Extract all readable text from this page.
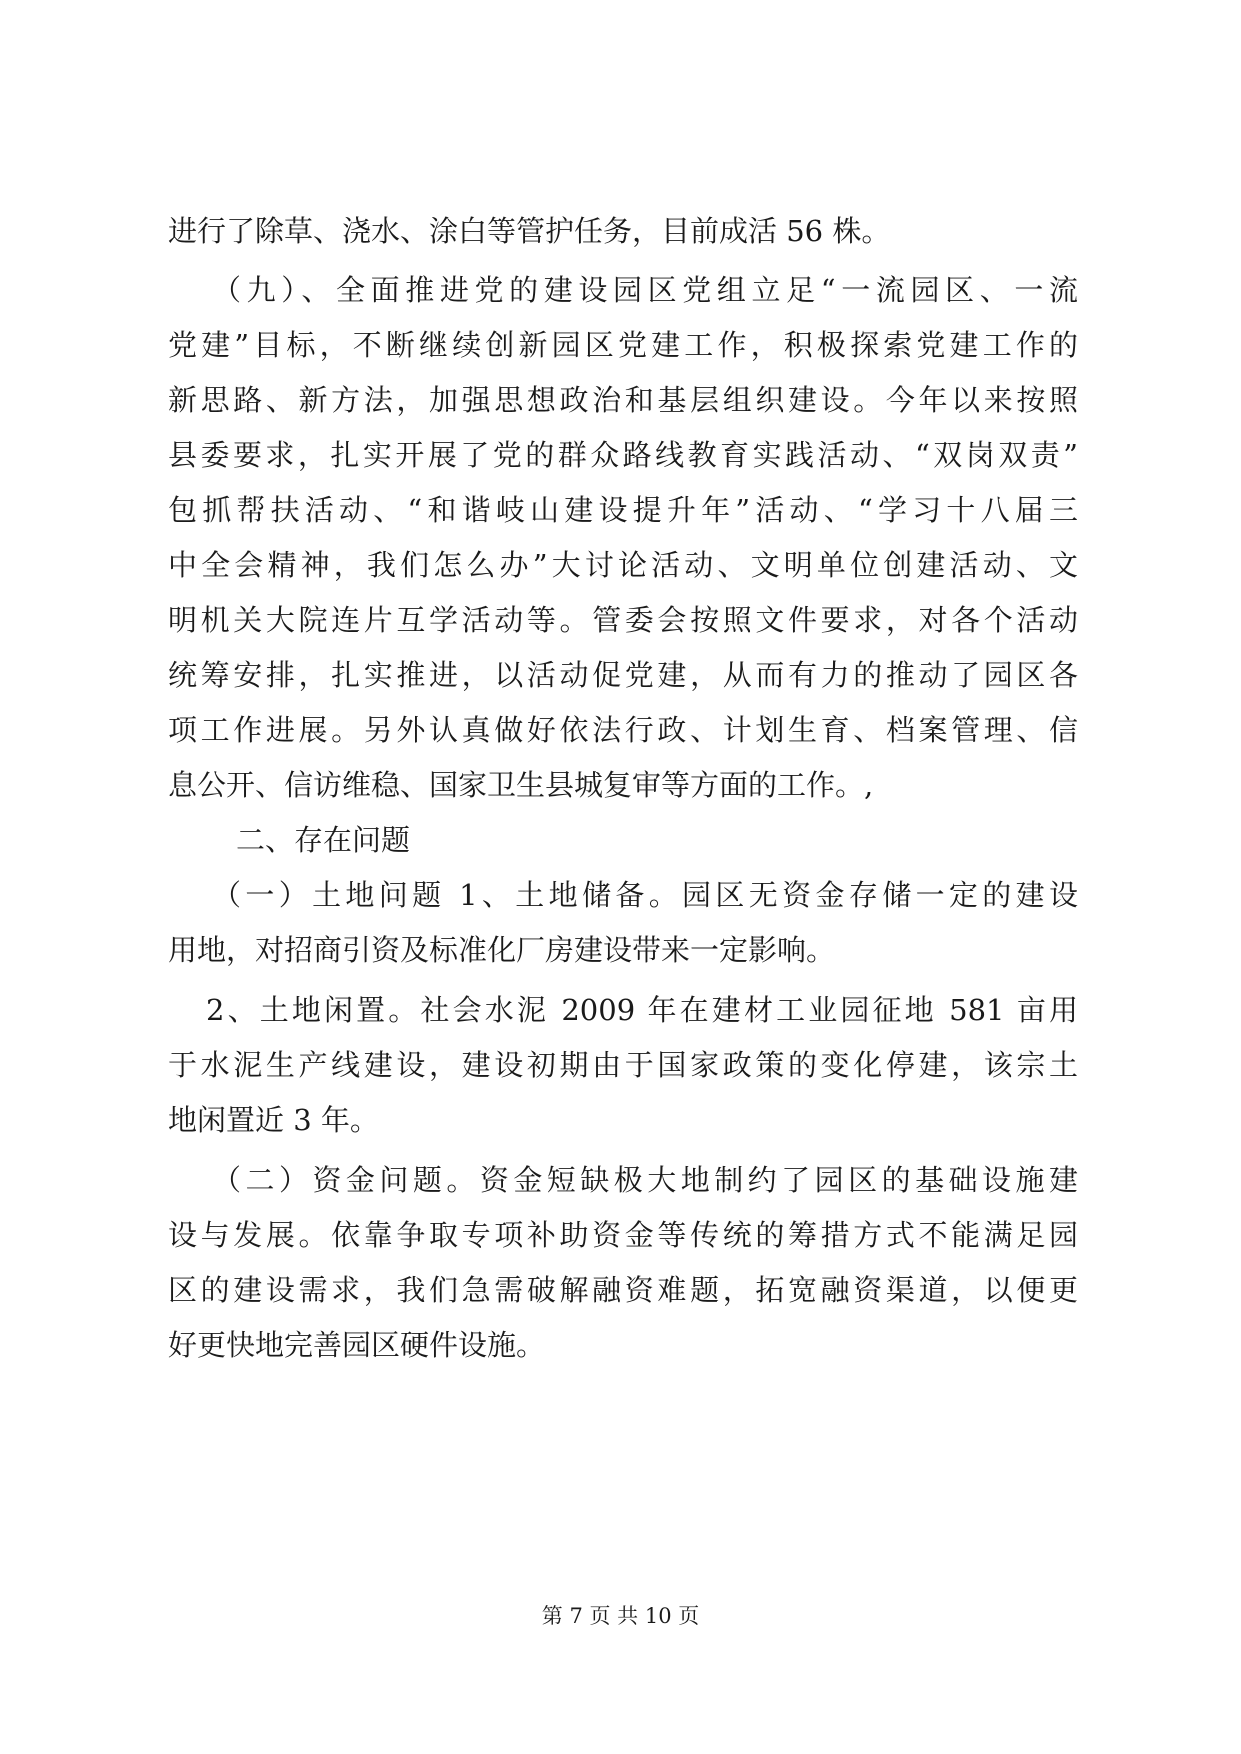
进行了除草、浇水、涂白等管护任务，目前成活 56 株。
（九）、全面推进党的建设园区党组立足“一流园区、一流
党建”目标，不断继续创新园区党建工作，积极探索党建工作的
新思路、新方法，加强思想政治和基层组织建设。今年以来按照
县委要求，扎实开展了党的群众路线教育实践活动、“双岗双责”
包抓帮扶活动、“和谐岐山建设提升年”活动、“学习十八届三
中全会精神，我们怎么办”大讨论活动、文明单位创建活动、文
明机关大院连片互学活动等。管委会按照文件要求，对各个活动
统筹安排，扎实推进，以活动促党建，从而有力的推动了园区各
项工作进展。另外认真做好依法行政、计划生育、档案管理、信
息公开、信访维稳、国家卫生县城复审等方面的工作。,
二、存在问题
（一）土地问题 1、土地储备。园区无资金存储一定的建设
用地，对招商引资及标准化厂房建设带来一定影响。
2、土地闲置。社会水泥 2009 年在建材工业园征地 581 亩用
于水泥生产线建设，建设初期由于国家政策的变化停建，该宗土
地闲置近 3 年。
（二）资金问题。资金短缺极大地制约了园区的基础设施建
设与发展。依靠争取专项补助资金等传统的筹措方式不能满足园
区的建设需求，我们急需破解融资难题，拓宽融资渠道，以便更
好更快地完善园区硬件设施。
第 7 页 共 10 页
